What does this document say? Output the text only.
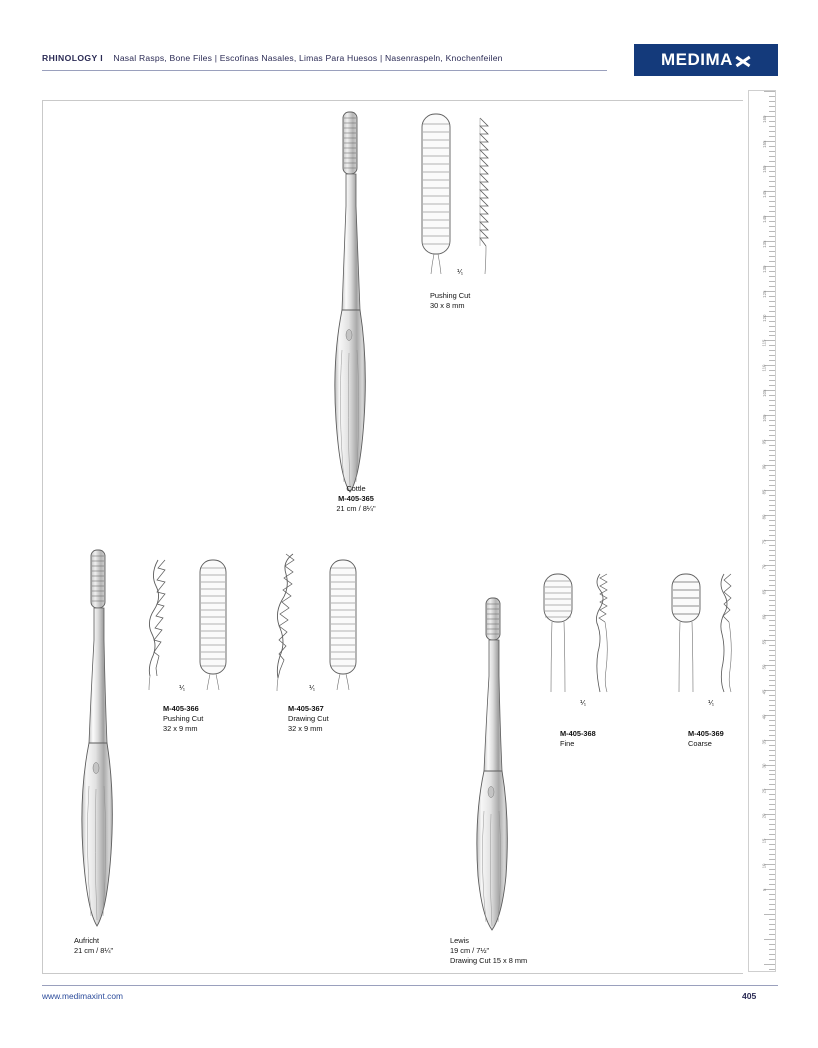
RHINOLOGY I Nasal Rasps, Bone Files | Escofinas Nasales, Limas Para Huesos | Nasenraspeln, Knochenfeilen	MEDIMA
Cottle
M-405-365
21 cm / 8¼"
⅟₁
Pushing Cut
30 x 8 mm
Aufricht
21 cm / 8¼"
⅟₁
M-405-366
Pushing Cut
32 x 9 mm
⅟₁
M-405-367
Drawing Cut
32 x 9 mm
Lewis
19 cm / 7½"
Drawing Cut 15 x 8 mm
⅟₁
M-405-368
Fine
⅟₁
M-405-369
Coarse
160
155
150
145
140
135
130
125
120
115
110
105
100
95
90
85
80
75
70
65
60
55
50
45
40
35
30
25
20
15
10
5
www.medimaxint.com	405
